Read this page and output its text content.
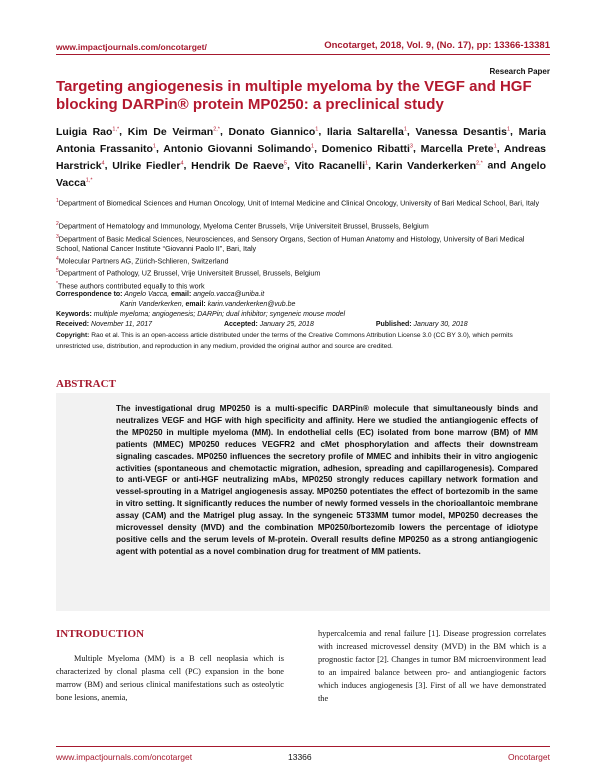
www.impactjournals.com/oncotarget/	Oncotarget, 2018, Vol. 9, (No. 17), pp: 13366-13381
Research Paper
Targeting angiogenesis in multiple myeloma by the VEGF and HGF blocking DARPin® protein MP0250: a preclinical study
Luigia Rao$^{1,*}$, Kim De Veirman$^{2,*}$, Donato Giannico$^1$, Ilaria Saltarella$^1$, Vanessa Desantis$^1$, Maria Antonia Frassanito$^1$, Antonio Giovanni Solimando$^1$, Domenico Ribatti$^3$, Marcella Prete$^1$, Andreas Harstrick$^4$, Ulrike Fiedler$^4$, Hendrik De Raeve$^5$, Vito Racanelli$^1$, Karin Vanderkerken$^{2,*}$ and Angelo Vacca$^{1,*}$
$^1$Department of Biomedical Sciences and Human Oncology, Unit of Internal Medicine and Clinical Oncology, University of Bari Medical School, Bari, Italy
$^2$Department of Hematology and Immunology, Myeloma Center Brussels, Vrije Universiteit Brussel, Brussels, Belgium
$^3$Department of Basic Medical Sciences, Neurosciences, and Sensory Organs, Section of Human Anatomy and Histology, University of Bari Medical School, National Cancer Institute “Giovanni Paolo II”, Bari, Italy
$^4$Molecular Partners AG, Zürich-Schlieren, Switzerland
$^5$Department of Pathology, UZ Brussel, Vrije Universiteit Brussel, Brussels, Belgium
*These authors contributed equally to this work
Correspondence to: Angelo Vacca, email: angelo.vacca@uniba.it
Karin Vanderkerken, email: karin.vanderkerken@vub.be
Keywords: multiple myeloma; angiogenesis; DARPin; dual inhibitor; syngeneic mouse model
Received: November 11, 2017	Accepted: January 25, 2018	Published: January 30, 2018
Copyright: Rao et al. This is an open-access article distributed under the terms of the Creative Commons Attribution License 3.0 (CC BY 3.0), which permits unrestricted use, distribution, and reproduction in any medium, provided the original author and source are credited.
ABSTRACT
The investigational drug MP0250 is a multi-specific DARPin® molecule that simultaneously binds and neutralizes VEGF and HGF with high specificity and affinity. Here we studied the antiangiogenic effects of the MP0250 in multiple myeloma (MM). In endothelial cells (EC) isolated from bone marrow (BM) of MM patients (MMEC) MP0250 reduces VEGFR2 and cMet phosphorylation and affects their downstream signaling cascades. MP0250 influences the secretory profile of MMEC and inhibits their in vitro angiogenic activities (spontaneous and chemotactic migration, adhesion, spreading and capillarogenesis). Compared to anti-VEGF or anti-HGF neutralizing mAbs, MP0250 strongly reduces capillary network formation and vessel-sprouting in a Matrigel angiogenesis assay. MP0250 potentiates the effect of bortezomib in the same in vitro setting. It significantly reduces the number of newly formed vessels in the chorioallantoic membrane assay (CAM) and the Matrigel plug assay. In the syngeneic 5T33MM tumor model, MP0250 decreases the microvessel density (MVD) and the combination MP0250/bortezomib lowers the percentage of idiotype positive cells and the serum levels of M-protein. Overall results define MP0250 as a strong antiangiogenic agent with potential as a novel combination drug for treatment of MM patients.
INTRODUCTION
Multiple Myeloma (MM) is a B cell neoplasia which is characterized by clonal plasma cell (PC) expansion in the bone marrow (BM) and serious clinical manifestations such as osteolytic bone lesions, anemia,
hypercalcemia and renal failure [1]. Disease progression correlates with increased microvessel density (MVD) in the BM which is a prognostic factor [2]. Changes in tumor BM microenvironment lead to an impaired balance between pro- and antiangiogenic factors which induces angiogenesis [3]. First of all we have demonstrated the
www.impactjournals.com/oncotarget	13366	Oncotarget
